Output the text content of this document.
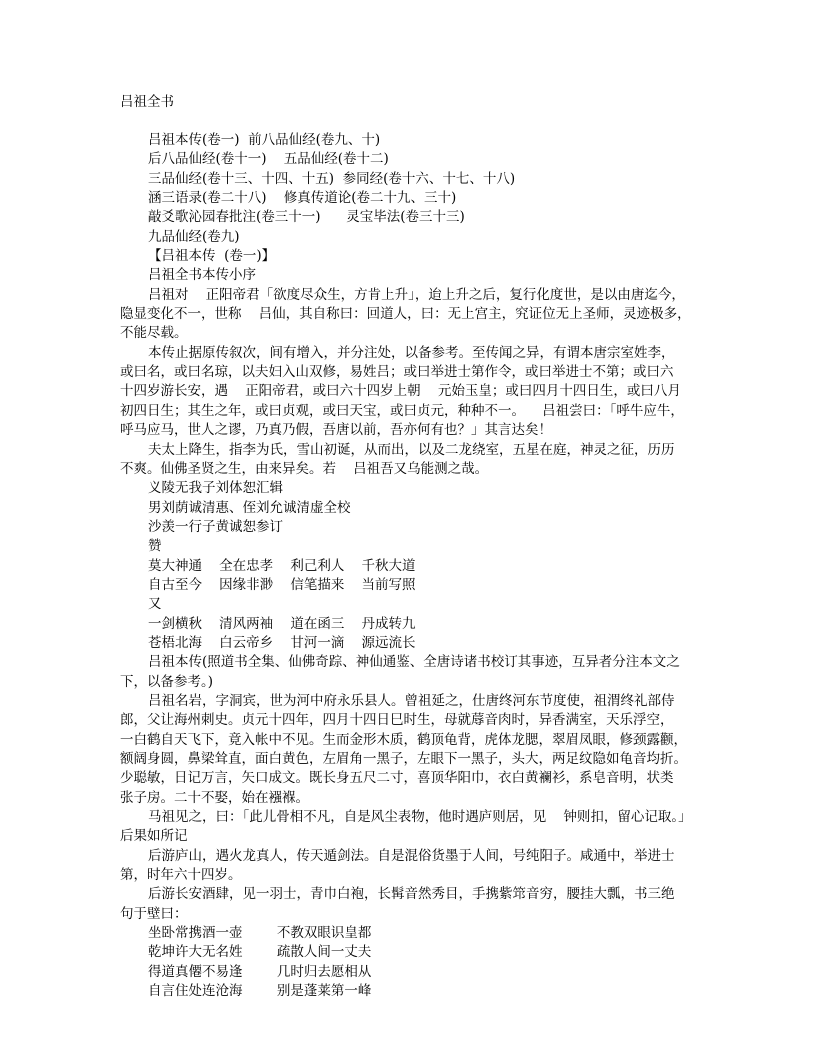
吕祖全书
吕祖本传(卷一)  前八品仙经(卷九、十)
后八品仙经(卷十一)    五品仙经(卷十二)
三品仙经(卷十三、十四、十五)  参同经(卷十六、十七、十八)
涵三语录(卷二十八)    修真传道论(卷二十九、三十)
敲爻歌沁园春批注(卷三十一)      灵宝毕法(卷三十三)
九品仙经(卷九)
【吕祖本传  (卷一)】
吕祖全书本传小序
吕祖对    正阳帝君「欲度尽众生，方肯上升」，迨上升之后，复行化度世，是以由唐迄今，
隐显变化不一，世称    吕仙，其自称曰：回道人，曰：无上宫主，究证位无上圣师，灵迹极多，
不能尽载。
本传止据原传叙次，间有增入，并分注处，以备参考。至传闻之异，有谓本唐宗室姓李，
或曰名，或曰名琼，以夫妇入山双修，易姓吕；或曰举进士第作令，或曰举进士不第；或曰六
十四岁游长安，遇    正阳帝君，或曰六十四岁上朝    元始玉皇；或曰四月十四日生，或曰八月
初四日生；其生之年，或曰贞观，或曰天宝，或曰贞元，种种不一。    吕祖尝曰：「呼牛应牛，
呼马应马，世人之谬，乃真乃假，吾唐以前，吾亦何有也？」其言达矣！
夫太上降生，指李为氏，雪山初诞，从而出，以及二龙绕室，五星在庭，神灵之征，历历
不爽。仙佛圣贤之生，由来异矣。若    吕祖吾又乌能测之哉。
义陵无我子刘体恕汇辑
男刘荫诚清惠、侄刘允诚清虚全校
沙羡一行子黄诚恕参订
赞
莫大神通    全在忠孝    利己利人    千秋大道
自古至今    因缘非渺    信笔描来    当前写照
又
一剑横秋    清风两袖    道在函三    丹成转九
苍梧北海    白云帝乡    甘河一滴    源远流长
吕祖本传(照道书全集、仙佛奇踪、神仙通鉴、全唐诗诸书校订其事迹，互异者分注本文之
下，以备参考。)
吕祖名岩，字洞宾，世为河中府永乐县人。曾祖延之，仕唐终河东节度使，祖渭终礼部侍
郎，父让海州刺史。贞元十四年，四月十四日巳时生，母就蓐音肉时，异香满室，天乐浮空，
一白鹤自天飞下，竟入帐中不见。生而金形木质，鹤顶龟背，虎体龙腮，翠眉凤眼，修颈露颧，
额阔身圆，鼻梁耸直，面白黄色，左眉角一黑子，左眼下一黑子，头大，两足纹隐如龟音均折。
少聪敏，日记万言，矢口成文。既长身五尺二寸，喜顶华阳巾，衣白黄襕衫，系皂音明，状类
张子房。二十不娶，始在襁褓。
马祖见之，曰：「此儿骨相不凡，自是风尘表物，他时遇庐则居，见    钟则扣，留心记取。」
后果如所记
后游庐山，遇火龙真人，传天遁剑法。自是混俗货墨于人间，号纯阳子。咸通中，举进士
第，时年六十四岁。
后游长安酒肆，见一羽士，青巾白袍，长髯音然秀目，手携紫筇音穷，腰挂大瓢，书三绝
句于壁曰：
坐卧常携酒一壶        不教双眼识皇都
乾坤许大无名姓        疏散人间一丈夫
得道真僊不易逢        几时归去愿相从
自言住处连沧海        别是蓬莱第一峰
